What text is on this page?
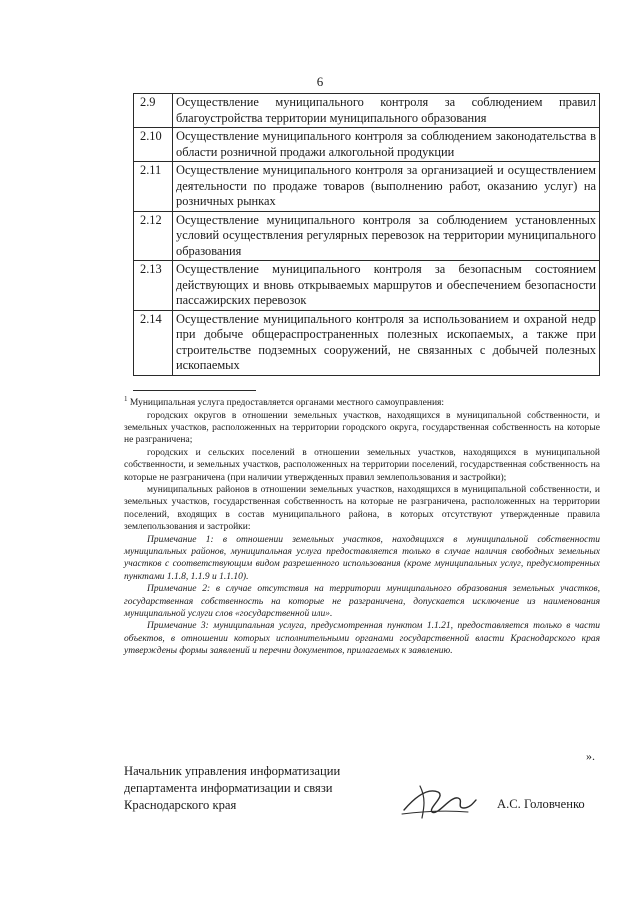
6
2.9	Осуществление муниципального контроля за соблюдением правил благоустройства территории муниципального образования
2.10	Осуществление муниципального контроля за соблюдением законодательства в области розничной продажи алкогольной продукции
2.11	Осуществление муниципального контроля за организацией и осуществлением деятельности по продаже товаров (выполнению работ, оказанию услуг) на розничных рынках
2.12	Осуществление муниципального контроля за соблюдением установленных условий осуществления регулярных перевозок на территории муниципального образования
2.13	Осуществление муниципального контроля за безопасным состоянием действующих и вновь открываемых маршрутов и обеспечением безопасности пассажирских перевозок
2.14	Осуществление муниципального контроля за использованием и охраной недр при добыче общераспространенных полезных ископаемых, а также при строительстве подземных сооружений, не связанных с добычей полезных ископаемых

$^1$ Муниципальная услуга предоставляется органами местного самоуправления:

городских округов в отношении земельных участков, находящихся в муниципальной собственности, и земельных участков, расположенных на территории городского округа, государственная собственность на которые не разграничена;

городских и сельских поселений в отношении земельных участков, находящихся в муниципальной собственности, и земельных участков, расположенных на территории поселений, государственная собственность на которые не разграничена (при наличии утвержденных правил землепользования и застройки);

муниципальных районов в отношении земельных участков, находящихся в муниципальной собственности, и земельных участков, государственная собственность на которые не разграничена, расположенных на территории поселений, входящих в состав муниципального района, в которых отсутствуют утвержденные правила землепользования и застройки:

Примечание 1: в отношении земельных участков, находящихся в муниципальной собственности муниципальных районов, муниципальная услуга предоставляется только в случае наличия свободных земельных участков с соответствующим видом разрешенного использования (кроме муниципальных услуг, предусмотренных пунктами 1.1.8, 1.1.9 и 1.1.10).

Примечание 2: в случае отсутствия на территории муниципального образования земельных участков, государственная собственность на которые не разграничена, допускается исключение из наименования муниципальной услуги слов «государственной или».

Примечание 3: муниципальная услуга, предусмотренная пунктом 1.1.21, предоставляется только в части объектов, в отношении которых исполнительными органами государственной власти Краснодарского края утверждены формы заявлений и перечни документов, прилагаемых к заявлению.

».
Начальник управления информатизации
департамента информатизации и связи
Краснодарского края	А.С. Головченко
